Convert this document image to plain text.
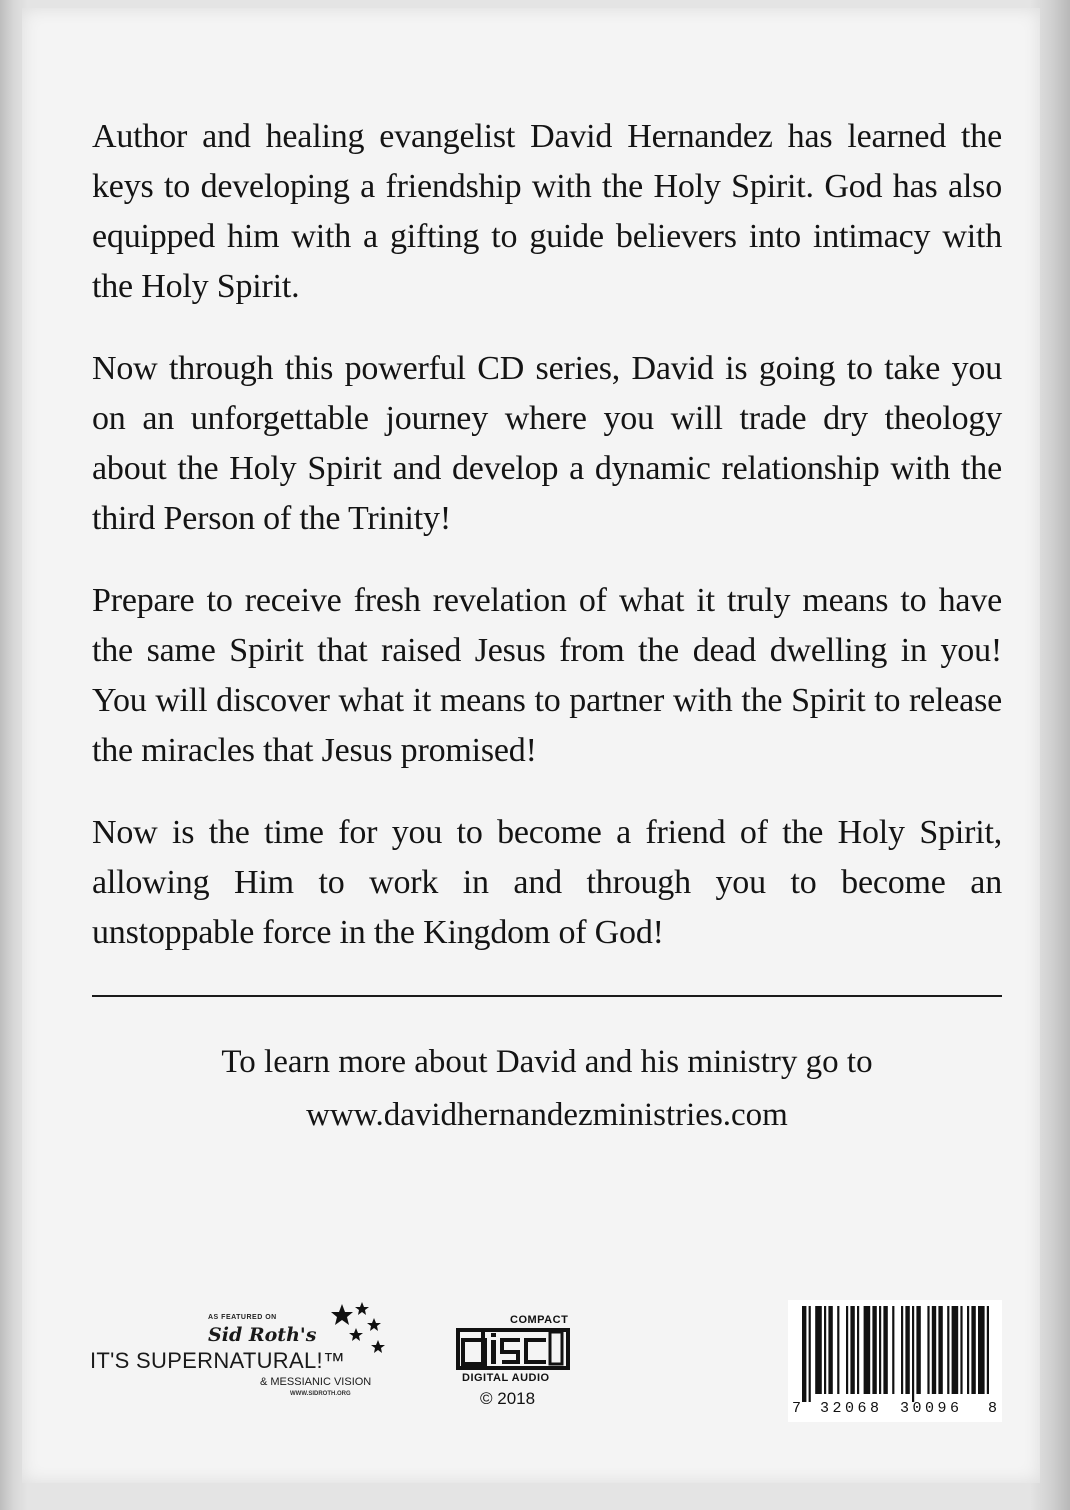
Author and healing evangelist David Hernandez has learned the keys to developing a friendship with the Holy Spirit. God has also equipped him with a gifting to guide believers into intimacy with the Holy Spirit.

Now through this powerful CD series, David is going to take you on an unforgettable journey where you will trade dry theology about the Holy Spirit and develop a dynamic relationship with the third Person of the Trinity!

Prepare to receive fresh revelation of what it truly means to have the same Spirit that raised Jesus from the dead dwelling in you! You will discover what it means to partner with the Spirit to release the miracles that Jesus promised!

Now is the time for you to become a friend of the Holy Spirit, allowing Him to work in and through you to become an unstoppable force in the Kingdom of God!

To learn more about David and his ministry go to
www.davidhernandezministries.com
AS FEATURED ON
Sid Roth's
IT'S SUPERNATURAL!™
& MESSIANIC VISION
WWW.SIDROTH.ORG
COMPACT
DIGITAL AUDIO
© 2018
7 32068 30096 8
